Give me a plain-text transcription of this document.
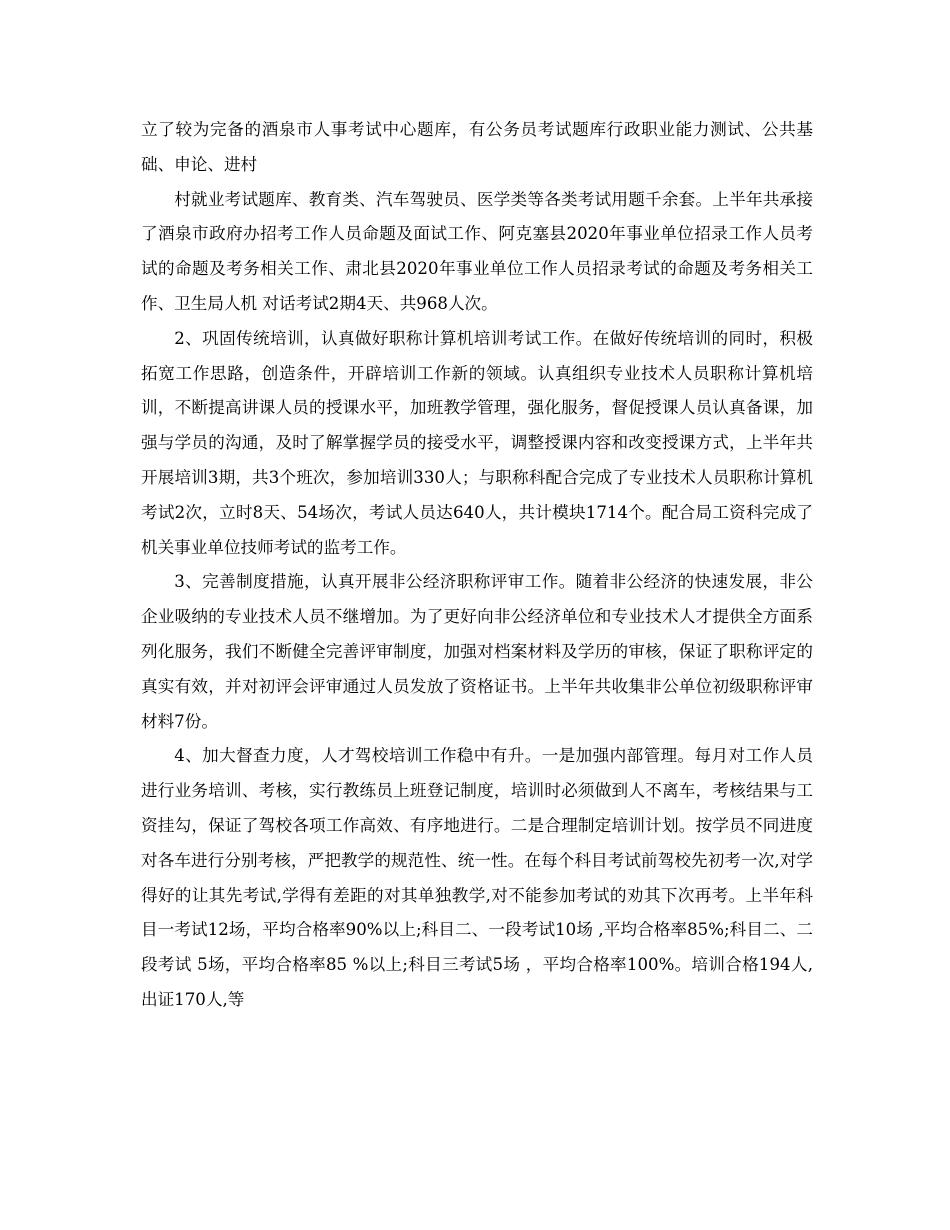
立了较为完备的酒泉市人事考试中心题库，有公务员考试题库行政职业能力测试、公共基础、申论、进村

村就业考试题库、教育类、汽车驾驶员、医学类等各类考试用题千余套。上半年共承接了酒泉市政府办招考工作人员命题及面试工作、阿克塞县2020年事业单位招录工作人员考试的命题及考务相关工作、肃北县2020年事业单位工作人员招录考试的命题及考务相关工作、卫生局人机 对话考试2期4天、共968人次。

2、巩固传统培训，认真做好职称计算机培训考试工作。在做好传统培训的同时，积极拓宽工作思路，创造条件，开辟培训工作新的领域。认真组织专业技术人员职称计算机培训，不断提高讲课人员的授课水平，加班教学管理，强化服务，督促授课人员认真备课，加强与学员的沟通，及时了解掌握学员的接受水平，调整授课内容和改变授课方式，上半年共开展培训3期，共3个班次，参加培训330人；与职称科配合完成了专业技术人员职称计算机考试2次，立时8天、54场次，考试人员达640人，共计模块1714个。配合局工资科完成了机关事业单位技师考试的监考工作。

3、完善制度措施，认真开展非公经济职称评审工作。随着非公经济的快速发展，非公企业吸纳的专业技术人员不继增加。为了更好向非公经济单位和专业技术人才提供全方面系列化服务，我们不断健全完善评审制度，加强对档案材料及学历的审核，保证了职称评定的真实有效，并对初评会评审通过人员发放了资格证书。上半年共收集非公单位初级职称评审材料7份。

4、加大督查力度，人才驾校培训工作稳中有升。一是加强内部管理。每月对工作人员进行业务培训、考核，实行教练员上班登记制度，培训时必须做到人不离车，考核结果与工资挂勾，保证了驾校各项工作高效、有序地进行。二是合理制定培训计划。按学员不同进度对各车进行分别考核，严把教学的规范性、统一性。在每个科目考试前驾校先初考一次,对学得好的让其先考试,学得有差距的对其单独教学,对不能参加考试的劝其下次再考。上半年科目一考试12场，平均合格率90%以上;科目二、一段考试10场 ,平均合格率85%;科目二、二段考试 5场，平均合格率85 %以上;科目三考试5场 ，平均合格率100%。培训合格194人,出证170人,等
